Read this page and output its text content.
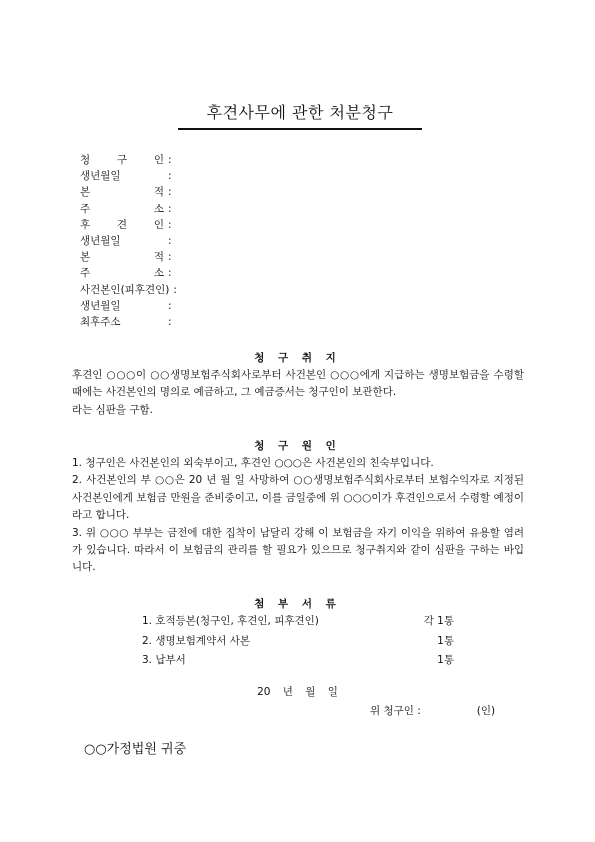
후견사무에 관한 처분청구
청 구 인 :
생년월일	:
본 적 :
주 소 :
후 견 인 :
생년월일	:
본 적 :
주 소 :
사건본인(피후견인) :
생년월일	:
최후주소	:
청 구 취 지

후견인 ○○○이 ○○생명보험주식회사로부터 사건본인 ○○○에게 지급하는 생명보험금을 수령할 때에는 사건본인의 명의로 예금하고, 그 예금증서는 청구인이 보관한다.

라는 심판을 구함.

청 구 원 인

1. 청구인은 사건본인의 외숙부이고, 후견인 ○○○은 사건본인의 친숙부입니다.

2. 사건본인의 부 ○○은 20 년 월 일 사망하여 ○○생명보험주식회사로부터 보험수익자로 지정된 사건본인에게 보험금 만원을 준비중이고, 이를 금일중에 위 ○○○이가 후견인으로서 수령할 예정이라고 합니다.

3. 위 ○○○ 부부는 금전에 대한 집착이 남달리 강해 이 보험금을 자기 이익을 위하여 유용할 염려가 있습니다. 따라서 이 보험금의 관리를 할 필요가 있으므로 청구취지와 같이 심판을 구하는 바입니다.

첨 부 서 류
1. 호적등본(청구인, 후견인, 피후견인)	각 1통
2. 생명보험계약서 사본	1통
3. 납부서	1통
20 년 월 일
위 청구인 :	(인)
○○가정법원 귀중
